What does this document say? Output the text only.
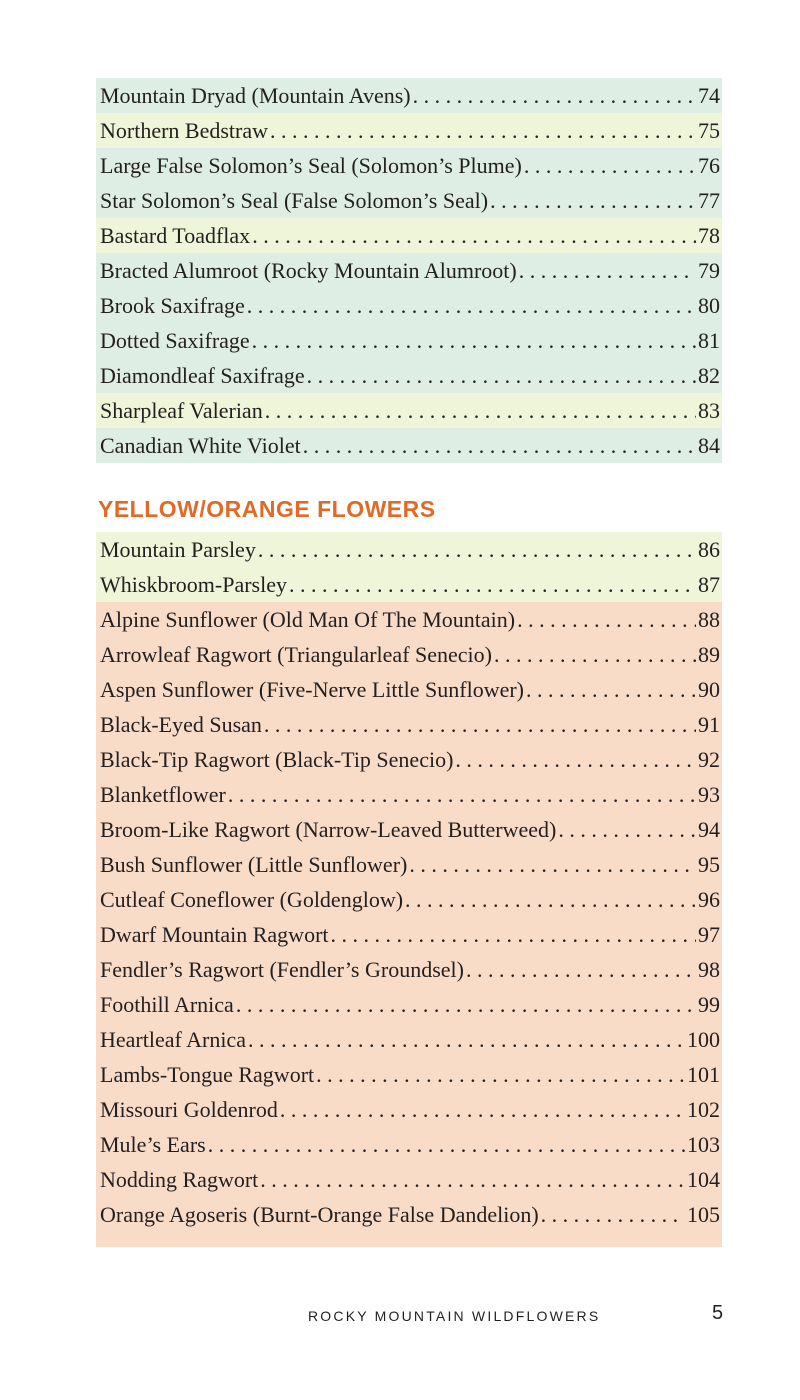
Mountain Dryad (Mountain Avens) . . .	74
Northern Bedstraw . . .	75
Large False Solomon’s Seal (Solomon’s Plume) . . .	76
Star Solomon’s Seal (False Solomon’s Seal) . . .	77
Bastard Toadflax . . .	78
Bracted Alumroot (Rocky Mountain Alumroot) . . .	79
Brook Saxifrage . . .	80
Dotted Saxifrage . . .	81
Diamondleaf Saxifrage . . .	82
Sharpleaf Valerian . . .	83
Canadian White Violet . . .	84
YELLOW/ORANGE FLOWERS
Mountain Parsley . . .	86
Whiskbroom-Parsley . . .	87
Alpine Sunflower (Old Man Of The Mountain) . . .	88
Arrowleaf Ragwort (Triangularleaf Senecio) . . .	89
Aspen Sunflower (Five-Nerve Little Sunflower) . . .	90
Black-Eyed Susan . . .	91
Black-Tip Ragwort (Black-Tip Senecio) . . .	92
Blanketflower . . .	93
Broom-Like Ragwort (Narrow-Leaved Butterweed) . . .	94
Bush Sunflower (Little Sunflower) . . .	95
Cutleaf Coneflower (Goldenglow) . . .	96
Dwarf Mountain Ragwort . . .	97
Fendler’s Ragwort (Fendler’s Groundsel) . . .	98
Foothill Arnica . . .	99
Heartleaf Arnica . . .	100
Lambs-Tongue Ragwort . . .	101
Missouri Goldenrod . . .	102
Mule’s Ears . . .	103
Nodding Ragwort . . .	104
Orange Agoseris (Burnt-Orange False Dandelion) . . .	105
ROCKY MOUNTAIN WILDFLOWERS	5
